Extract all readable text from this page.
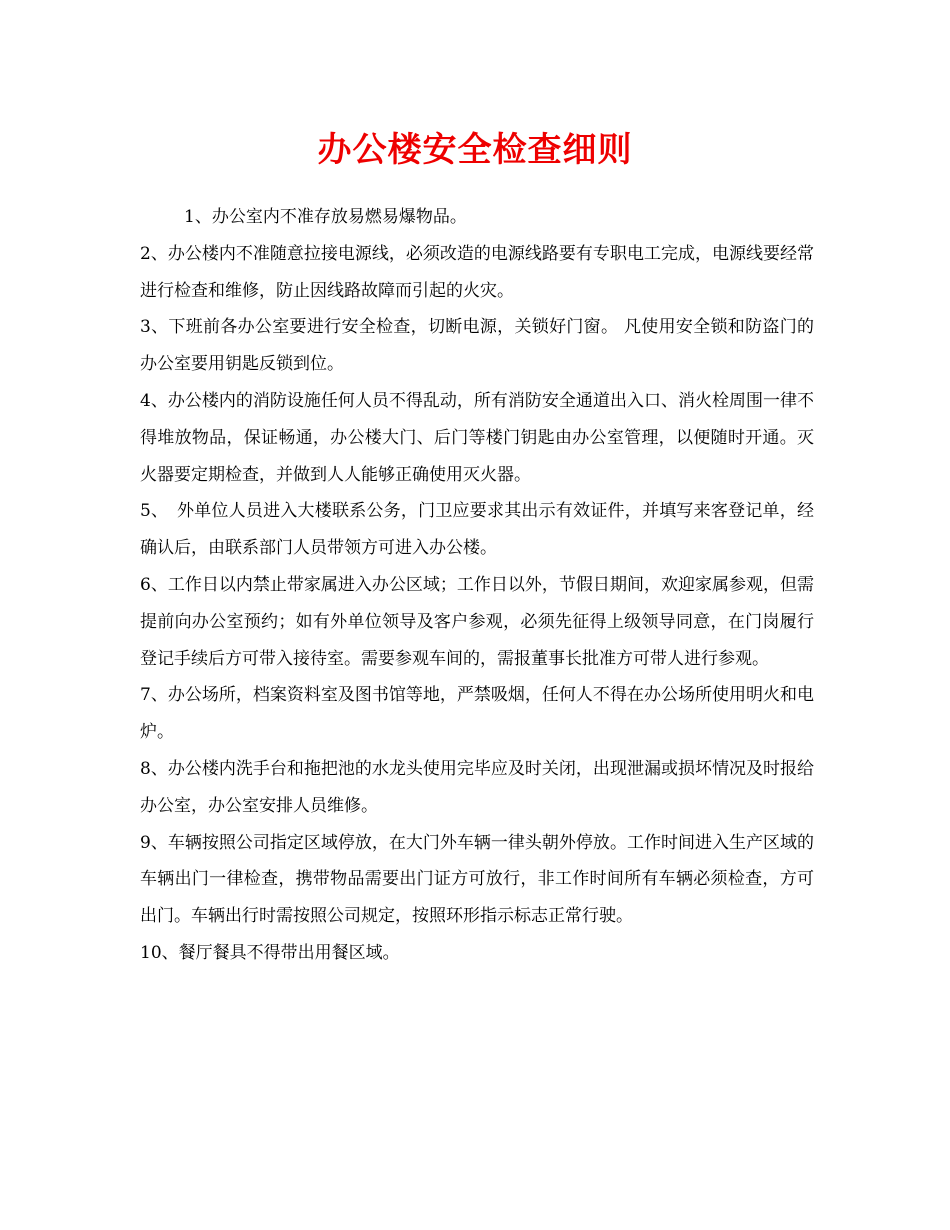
办公楼安全检查细则

1、办公室内不准存放易燃易爆物品。

2、办公楼内不准随意拉接电源线，必须改造的电源线路要有专职电工完成，电源线要经常进行检查和维修，防止因线路故障而引起的火灾。

3、下班前各办公室要进行安全检查，切断电源，关锁好门窗。 凡使用安全锁和防盗门的办公室要用钥匙反锁到位。

4、办公楼内的消防设施任何人员不得乱动，所有消防安全通道出入口、消火栓周围一律不得堆放物品，保证畅通，办公楼大门、后门等楼门钥匙由办公室管理，以便随时开通。灭火器要定期检查，并做到人人能够正确使用灭火器。

5、　外单位人员进入大楼联系公务，门卫应要求其出示有效证件，并填写来客登记单，经确认后，由联系部门人员带领方可进入办公楼。

6、工作日以内禁止带家属进入办公区域；工作日以外，节假日期间，欢迎家属参观，但需提前向办公室预约；如有外单位领导及客户参观，必须先征得上级领导同意，在门岗履行登记手续后方可带入接待室。需要参观车间的，需报董事长批准方可带人进行参观。

7、办公场所，档案资料室及图书馆等地，严禁吸烟，任何人不得在办公场所使用明火和电炉。

8、办公楼内洗手台和拖把池的水龙头使用完毕应及时关闭，出现泄漏或损坏情况及时报给办公室，办公室安排人员维修。

9、车辆按照公司指定区域停放，在大门外车辆一律头朝外停放。工作时间进入生产区域的车辆出门一律检查，携带物品需要出门证方可放行，非工作时间所有车辆必须检查，方可出门。车辆出行时需按照公司规定，按照环形指示标志正常行驶。

10、餐厅餐具不得带出用餐区域。
